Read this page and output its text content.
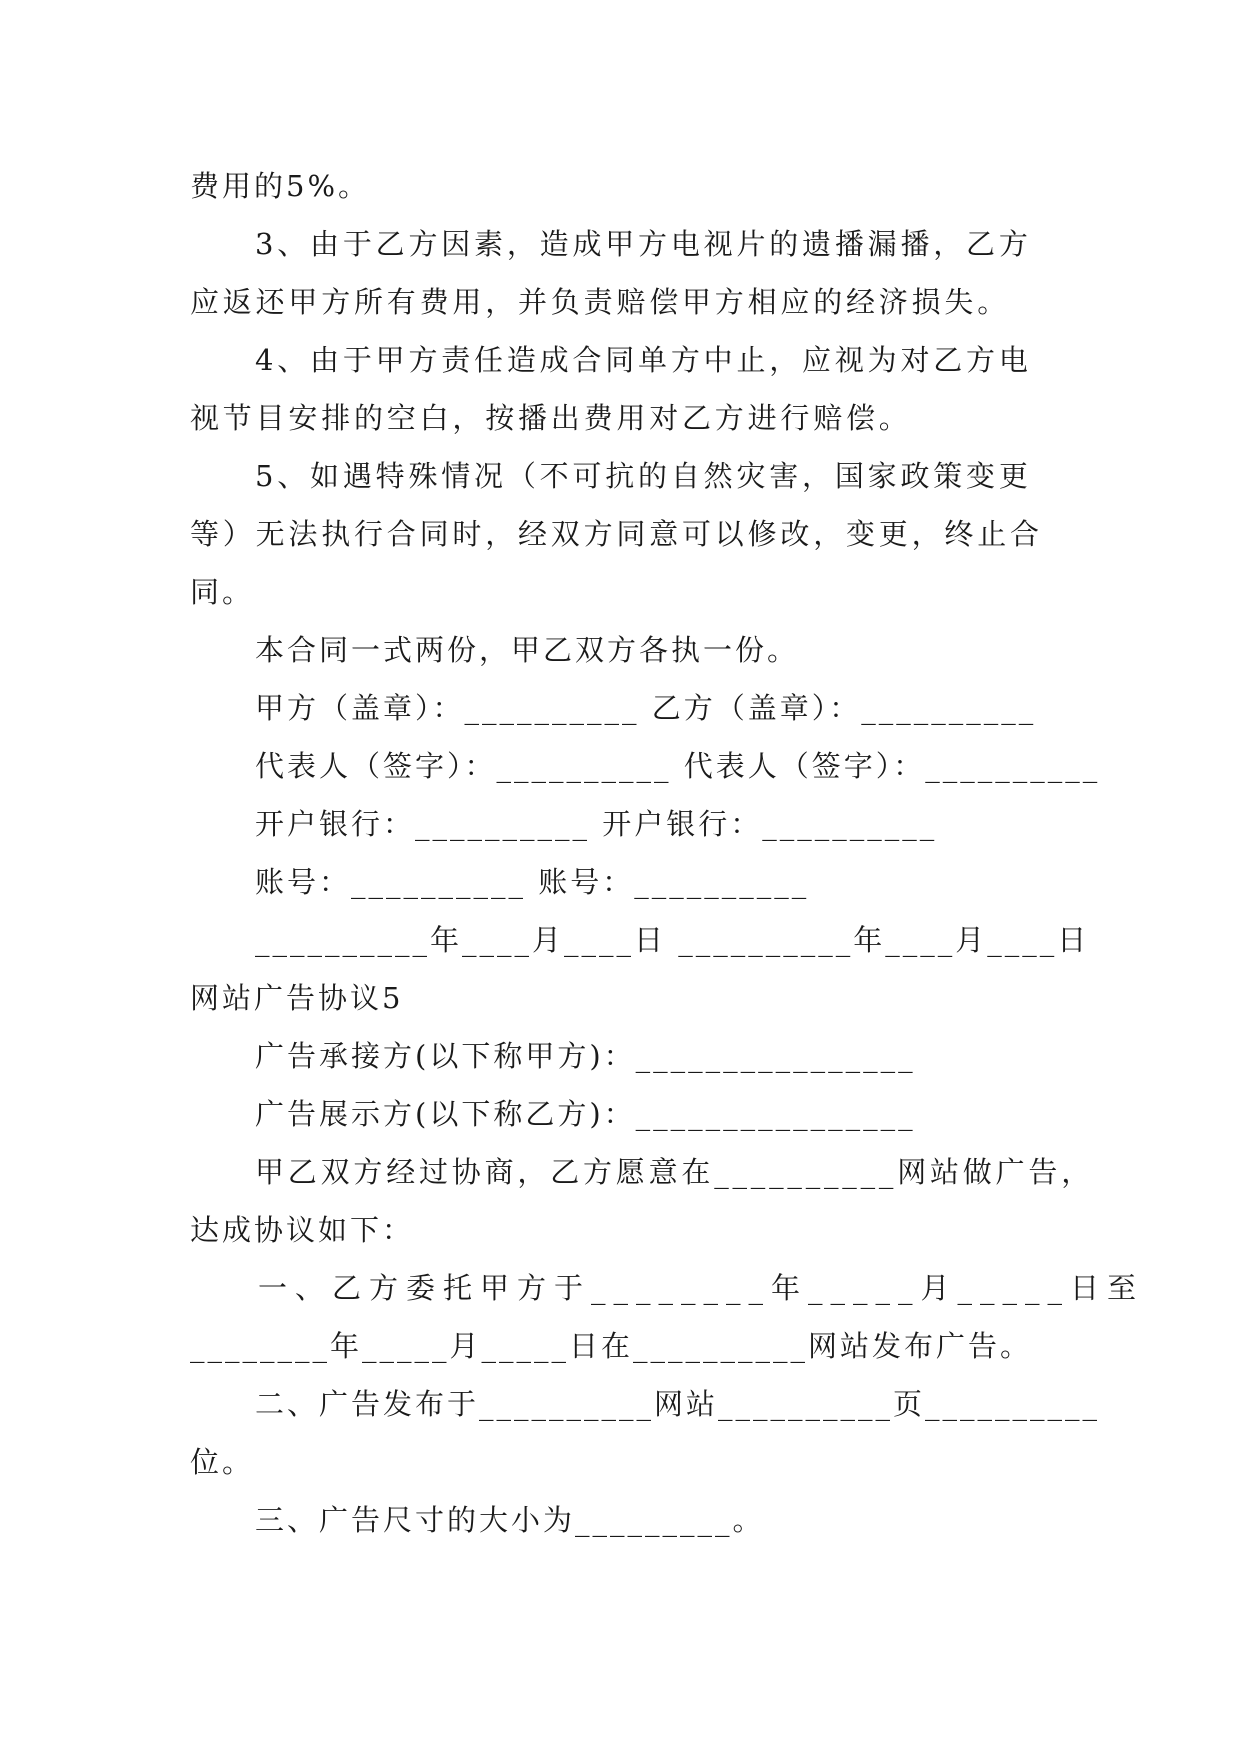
费用的5%。

3、由于乙方因素，造成甲方电视片的遗播漏播，乙方

应返还甲方所有费用，并负责赔偿甲方相应的经济损失。

4、由于甲方责任造成合同单方中止，应视为对乙方电

视节目安排的空白，按播出费用对乙方进行赔偿。

5、如遇特殊情况（不可抗的自然灾害，国家政策变更

等）无法执行合同时，经双方同意可以修改，变更，终止合

同。

本合同一式两份，甲乙双方各执一份。

甲方（盖章）：__________ 乙方（盖章）：__________

代表人（签字）：__________ 代表人（签字）：__________

开户银行：__________ 开户银行：__________

账号：__________ 账号：__________

__________年____月____日 __________年____月____日

网站广告协议5

广告承接方(以下称甲方)：________________

广告展示方(以下称乙方)：________________

甲乙双方经过协商，乙方愿意在__________网站做广告，

达成协议如下：

一、乙方委托甲方于________年_____月_____日至

________年_____月_____日在__________网站发布广告。

二、广告发布于__________网站__________页__________

位。

三、广告尺寸的大小为_________。
